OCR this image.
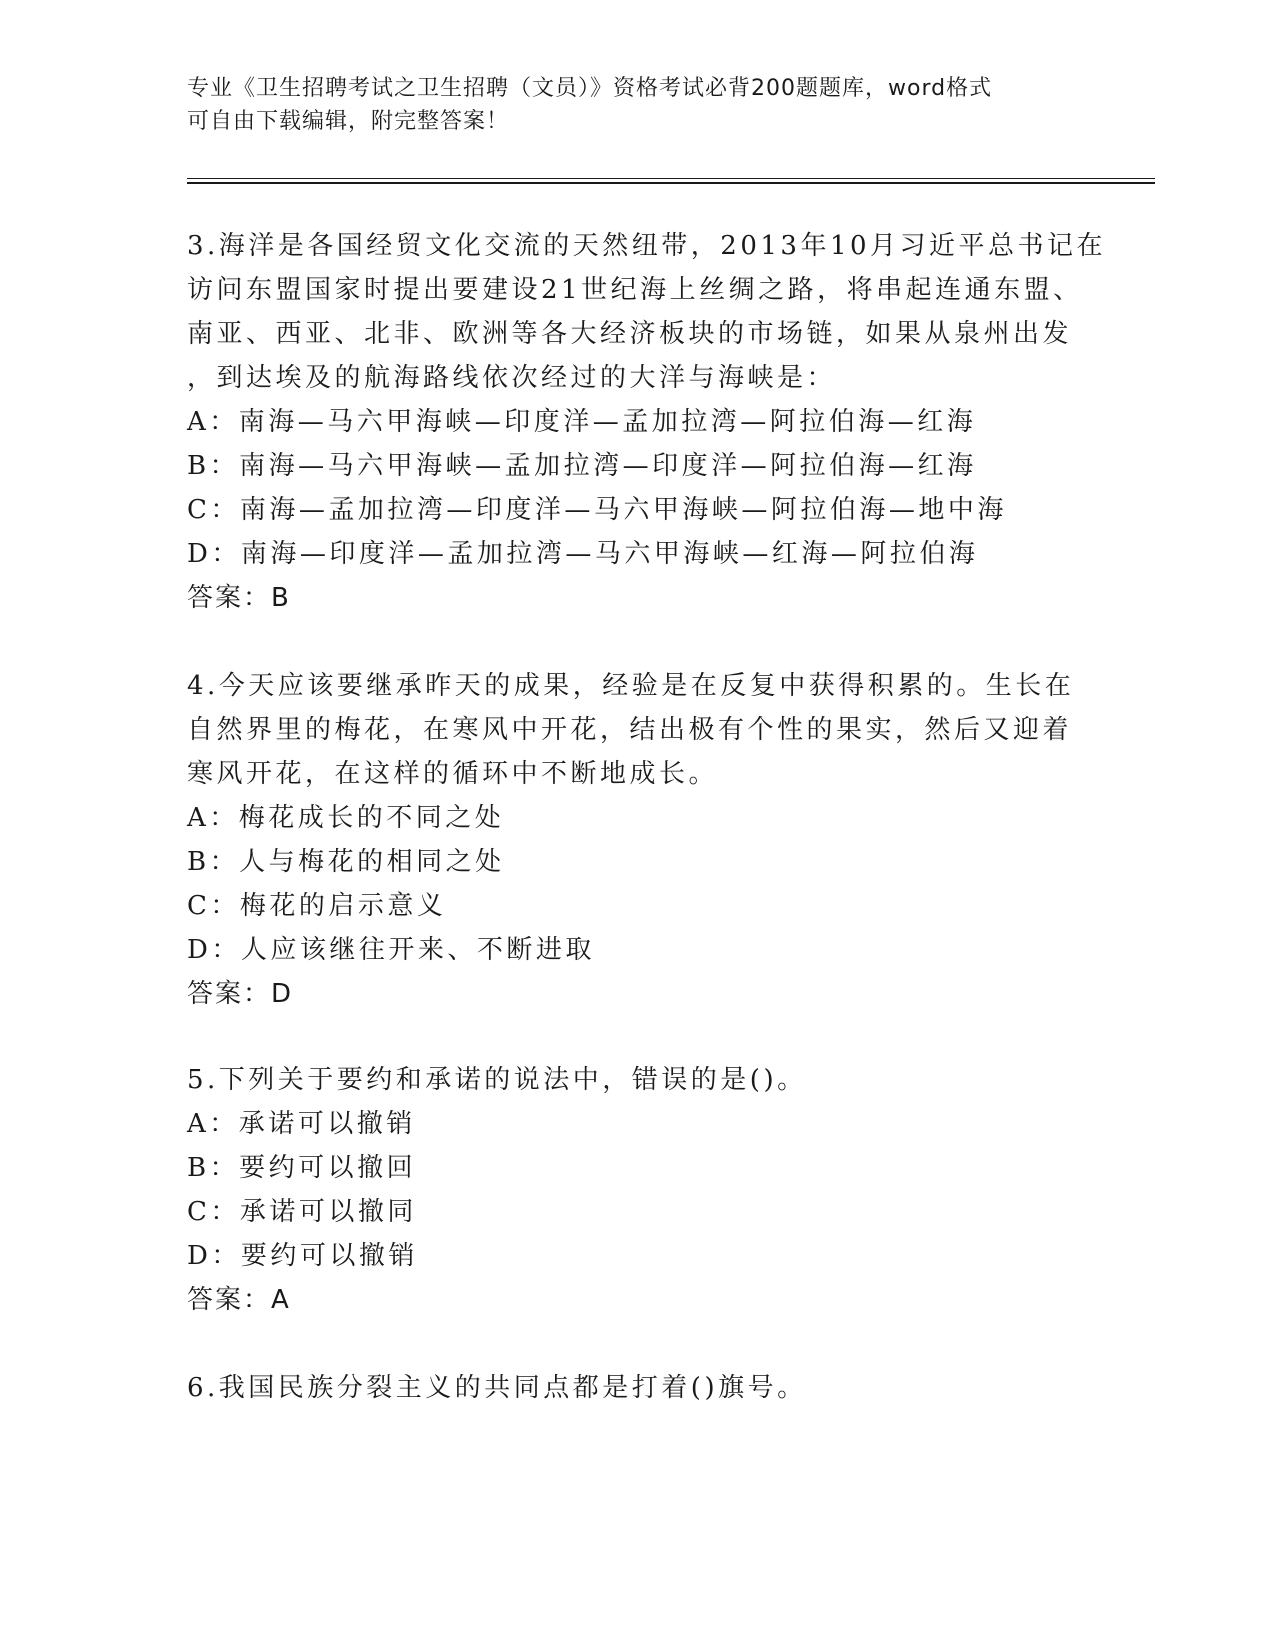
专业《卫生招聘考试之卫生招聘（文员）》资格考试必背200题题库，word格式
可自由下载编辑，附完整答案！
3.海洋是各国经贸文化交流的天然纽带，2013年10月习近平总书记在
访问东盟国家时提出要建设21世纪海上丝绸之路，将串起连通东盟、
南亚、西亚、北非、欧洲等各大经济板块的市场链，如果从泉州出发
，到达埃及的航海路线依次经过的大洋与海峡是：
A：南海—马六甲海峡—印度洋—孟加拉湾—阿拉伯海—红海
B：南海—马六甲海峡—孟加拉湾—印度洋—阿拉伯海—红海
C：南海—孟加拉湾—印度洋—马六甲海峡—阿拉伯海—地中海
D：南海—印度洋—孟加拉湾—马六甲海峡—红海—阿拉伯海
答案：B
4.今天应该要继承昨天的成果，经验是在反复中获得积累的。生长在
自然界里的梅花，在寒风中开花，结出极有个性的果实，然后又迎着
寒风开花，在这样的循环中不断地成长。
A：梅花成长的不同之处
B：人与梅花的相同之处
C：梅花的启示意义
D：人应该继往开来、不断进取
答案：D
5.下列关于要约和承诺的说法中，错误的是()。
A：承诺可以撤销
B：要约可以撤回
C：承诺可以撤同
D：要约可以撤销
答案：A
6.我国民族分裂主义的共同点都是打着()旗号。
